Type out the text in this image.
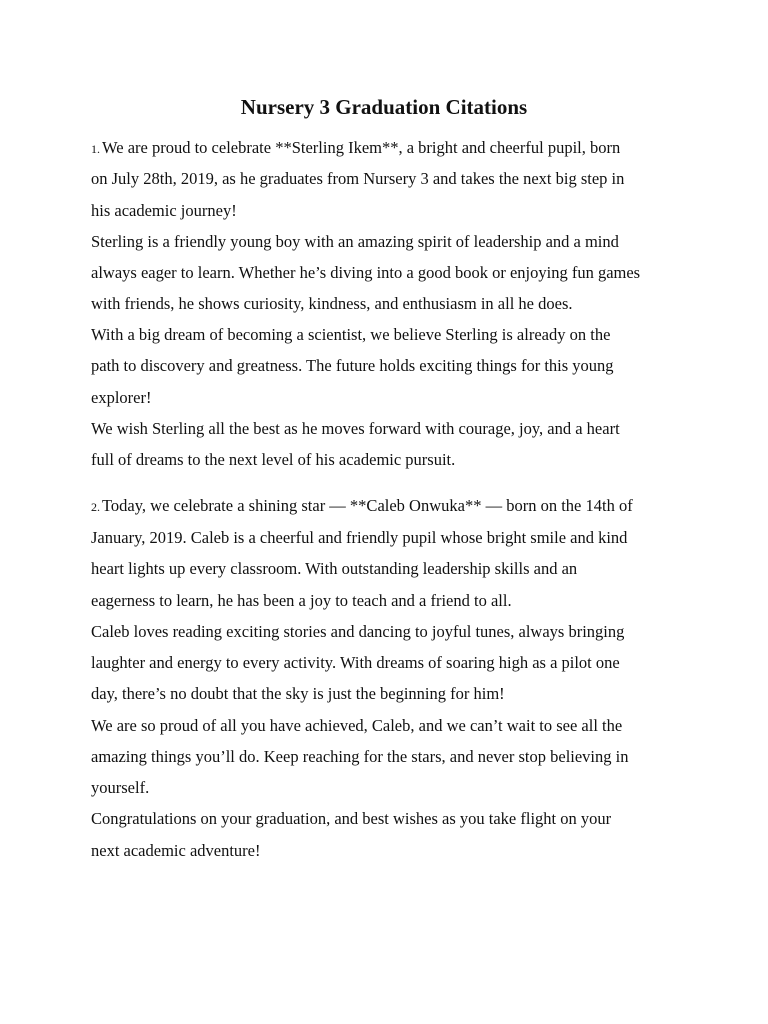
Nursery 3 Graduation Citations

1. We are proud to celebrate **Sterling Ikem**, a bright and cheerful pupil, born

on July 28th, 2019, as he graduates from Nursery 3 and takes the next big step in

his academic journey!

Sterling is a friendly young boy with an amazing spirit of leadership and a mind

always eager to learn. Whether he’s diving into a good book or enjoying fun games

with friends, he shows curiosity, kindness, and enthusiasm in all he does.

With a big dream of becoming a scientist, we believe Sterling is already on the

path to discovery and greatness. The future holds exciting things for this young

explorer!

We wish Sterling all the best as he moves forward with courage, joy, and a heart

full of dreams to the next level of his academic pursuit.

2. Today, we celebrate a shining star — **Caleb Onwuka** — born on the 14th of

January, 2019. Caleb is a cheerful and friendly pupil whose bright smile and kind

heart lights up every classroom. With outstanding leadership skills and an

eagerness to learn, he has been a joy to teach and a friend to all.

Caleb loves reading exciting stories and dancing to joyful tunes, always bringing

laughter and energy to every activity. With dreams of soaring high as a pilot one

day, there’s no doubt that the sky is just the beginning for him!

We are so proud of all you have achieved, Caleb, and we can’t wait to see all the

amazing things you’ll do. Keep reaching for the stars, and never stop believing in

yourself.

Congratulations on your graduation, and best wishes as you take flight on your

next academic adventure!
